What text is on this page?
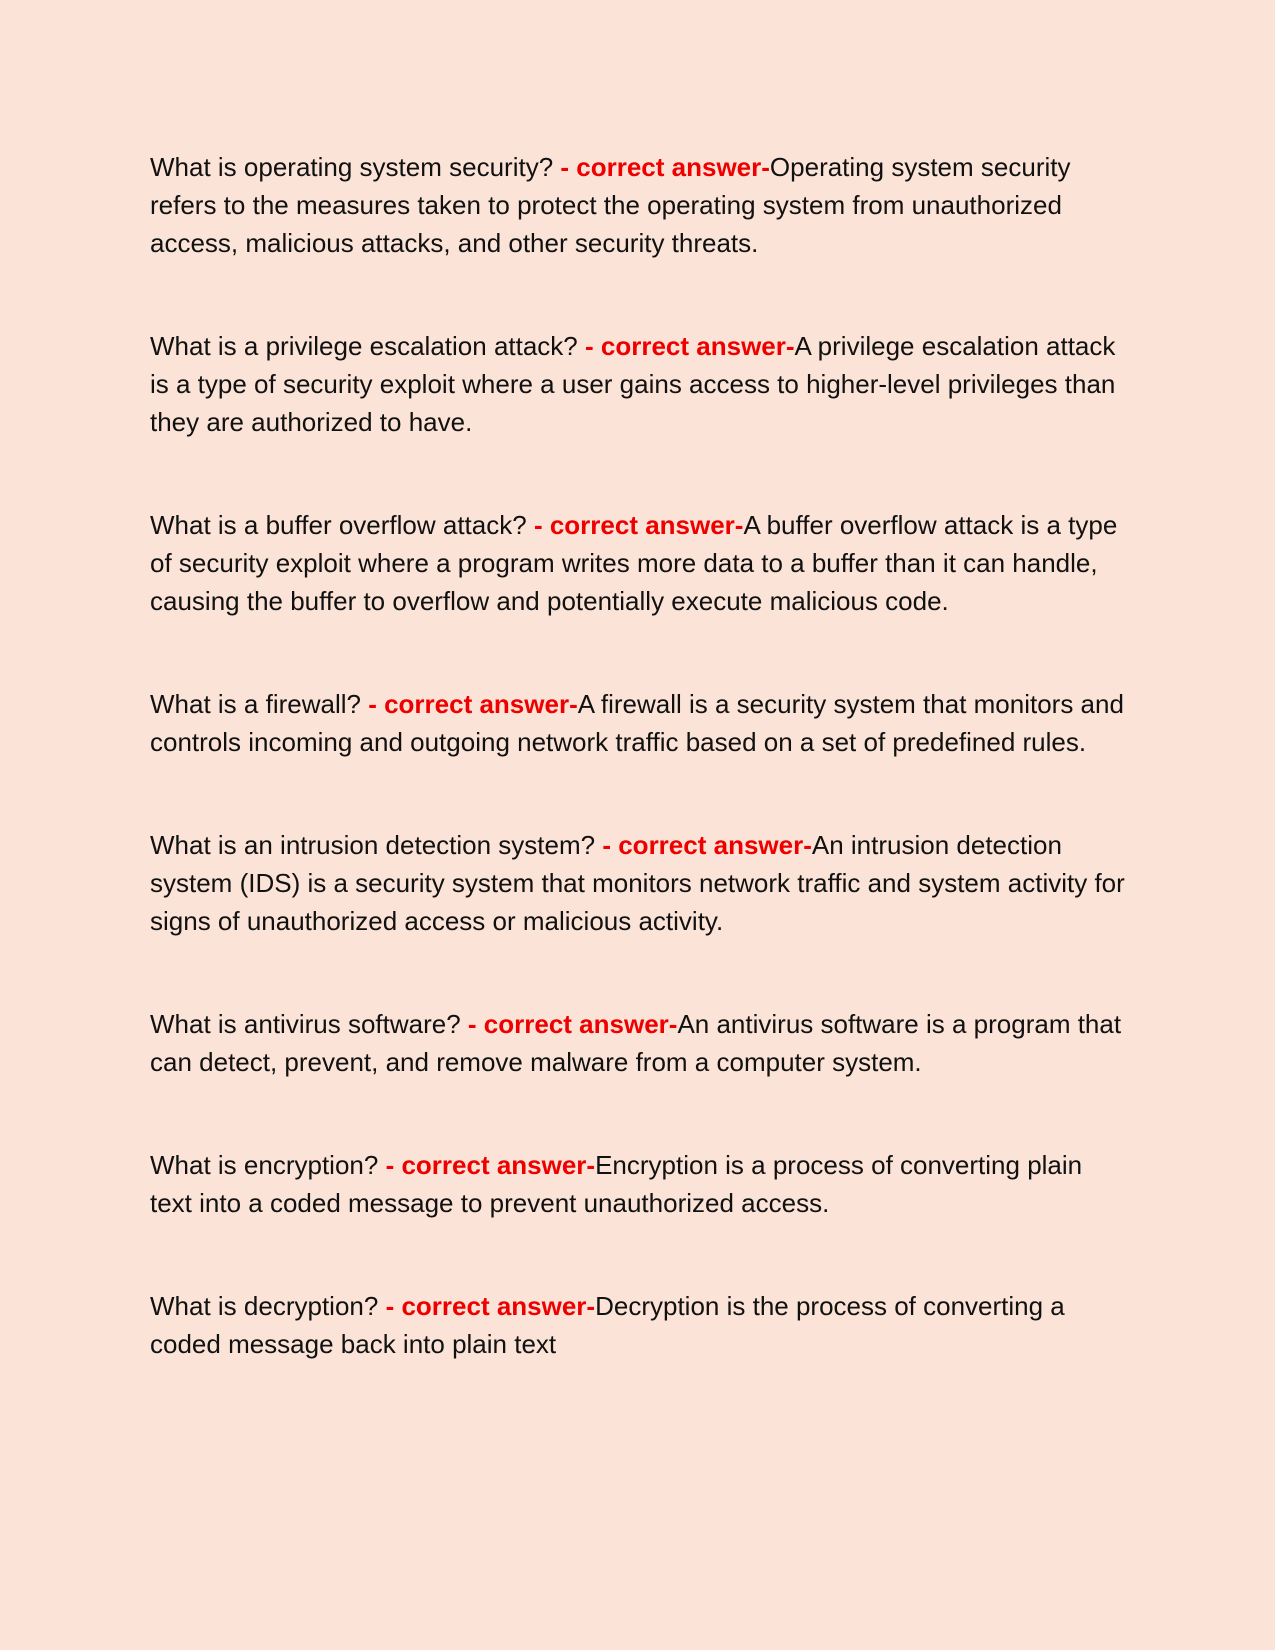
What is operating system security? - correct answer-Operating system security refers to the measures taken to protect the operating system from unauthorized access, malicious attacks, and other security threats.

What is a privilege escalation attack? - correct answer-A privilege escalation attack is a type of security exploit where a user gains access to higher-level privileges than they are authorized to have.

What is a buffer overflow attack? - correct answer-A buffer overflow attack is a type of security exploit where a program writes more data to a buffer than it can handle, causing the buffer to overflow and potentially execute malicious code.

What is a firewall? - correct answer-A firewall is a security system that monitors and controls incoming and outgoing network traffic based on a set of predefined rules.

What is an intrusion detection system? - correct answer-An intrusion detection system (IDS) is a security system that monitors network traffic and system activity for signs of unauthorized access or malicious activity.

What is antivirus software? - correct answer-An antivirus software is a program that can detect, prevent, and remove malware from a computer system.

What is encryption? - correct answer-Encryption is a process of converting plain text into a coded message to prevent unauthorized access.

What is decryption? - correct answer-Decryption is the process of converting a coded message back into plain text
